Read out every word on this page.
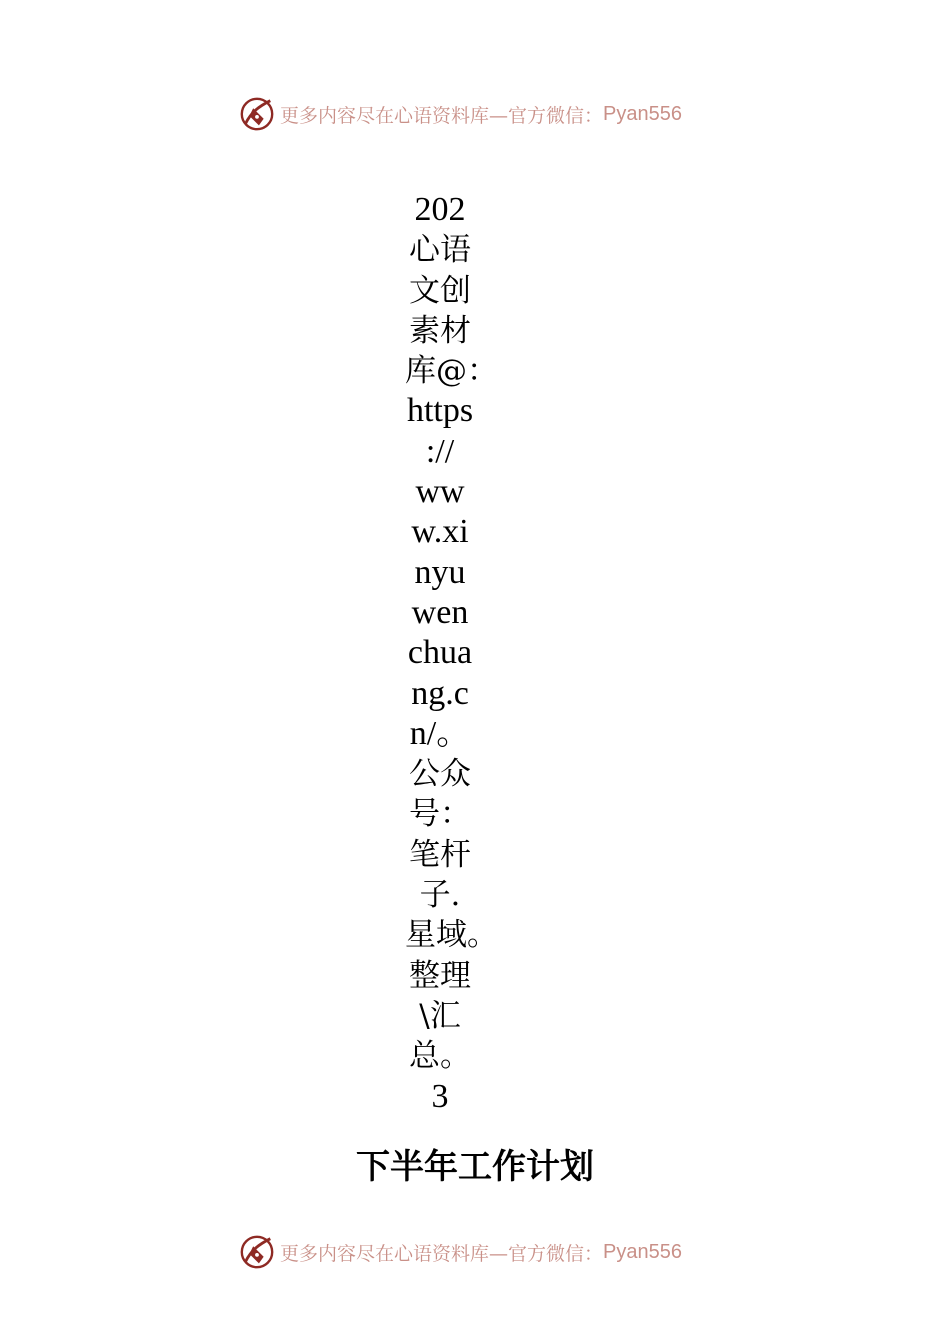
更多内容尽在心语资料库—官方微信： Pyan556
202
心语
文创
素材
库@：
https
://
ww
w.xi
nyu
wen
chua
ng.c
n/。
公众
号：
笔杆
子.
星域。
整理
\汇
总。
3
下半年工作计划
更多内容尽在心语资料库—官方微信： Pyan556
